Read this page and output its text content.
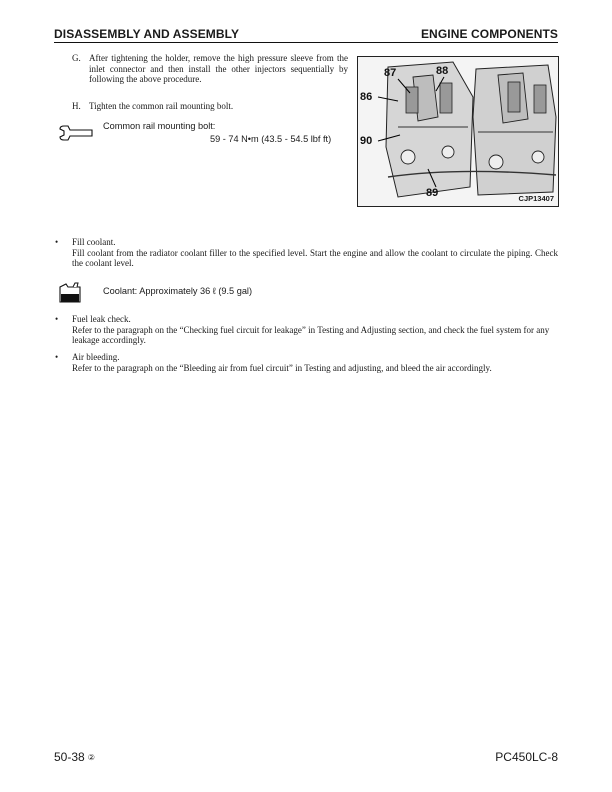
DISASSEMBLY AND ASSEMBLY	ENGINE COMPONENTS
G. After tightening the holder, remove the high pressure sleeve from the inlet connector and then install the other injectors sequentially by following the above procedure.
H. Tighten the common rail mounting bolt.
Common rail mounting bolt:
59 - 74 N•m (43.5 - 54.5 lbf ft)
87	88
86
90
89	CJP13407
•	Fill coolant.
Fill coolant from the radiator coolant filler to the specified level. Start the engine and allow the coolant to circulate the piping. Check the coolant level.
Coolant: Approximately 36 ℓ (9.5 gal)
•	Fuel leak check.
Refer to the paragraph on the “Checking fuel circuit for leakage” in Testing and Adjusting section, and check the fuel system for any leakage accordingly.
•	Air bleeding.
Refer to the paragraph on the “Bleeding air from fuel circuit” in Testing and adjusting, and bleed the air accordingly.
50-38 ②	PC450LC-8
